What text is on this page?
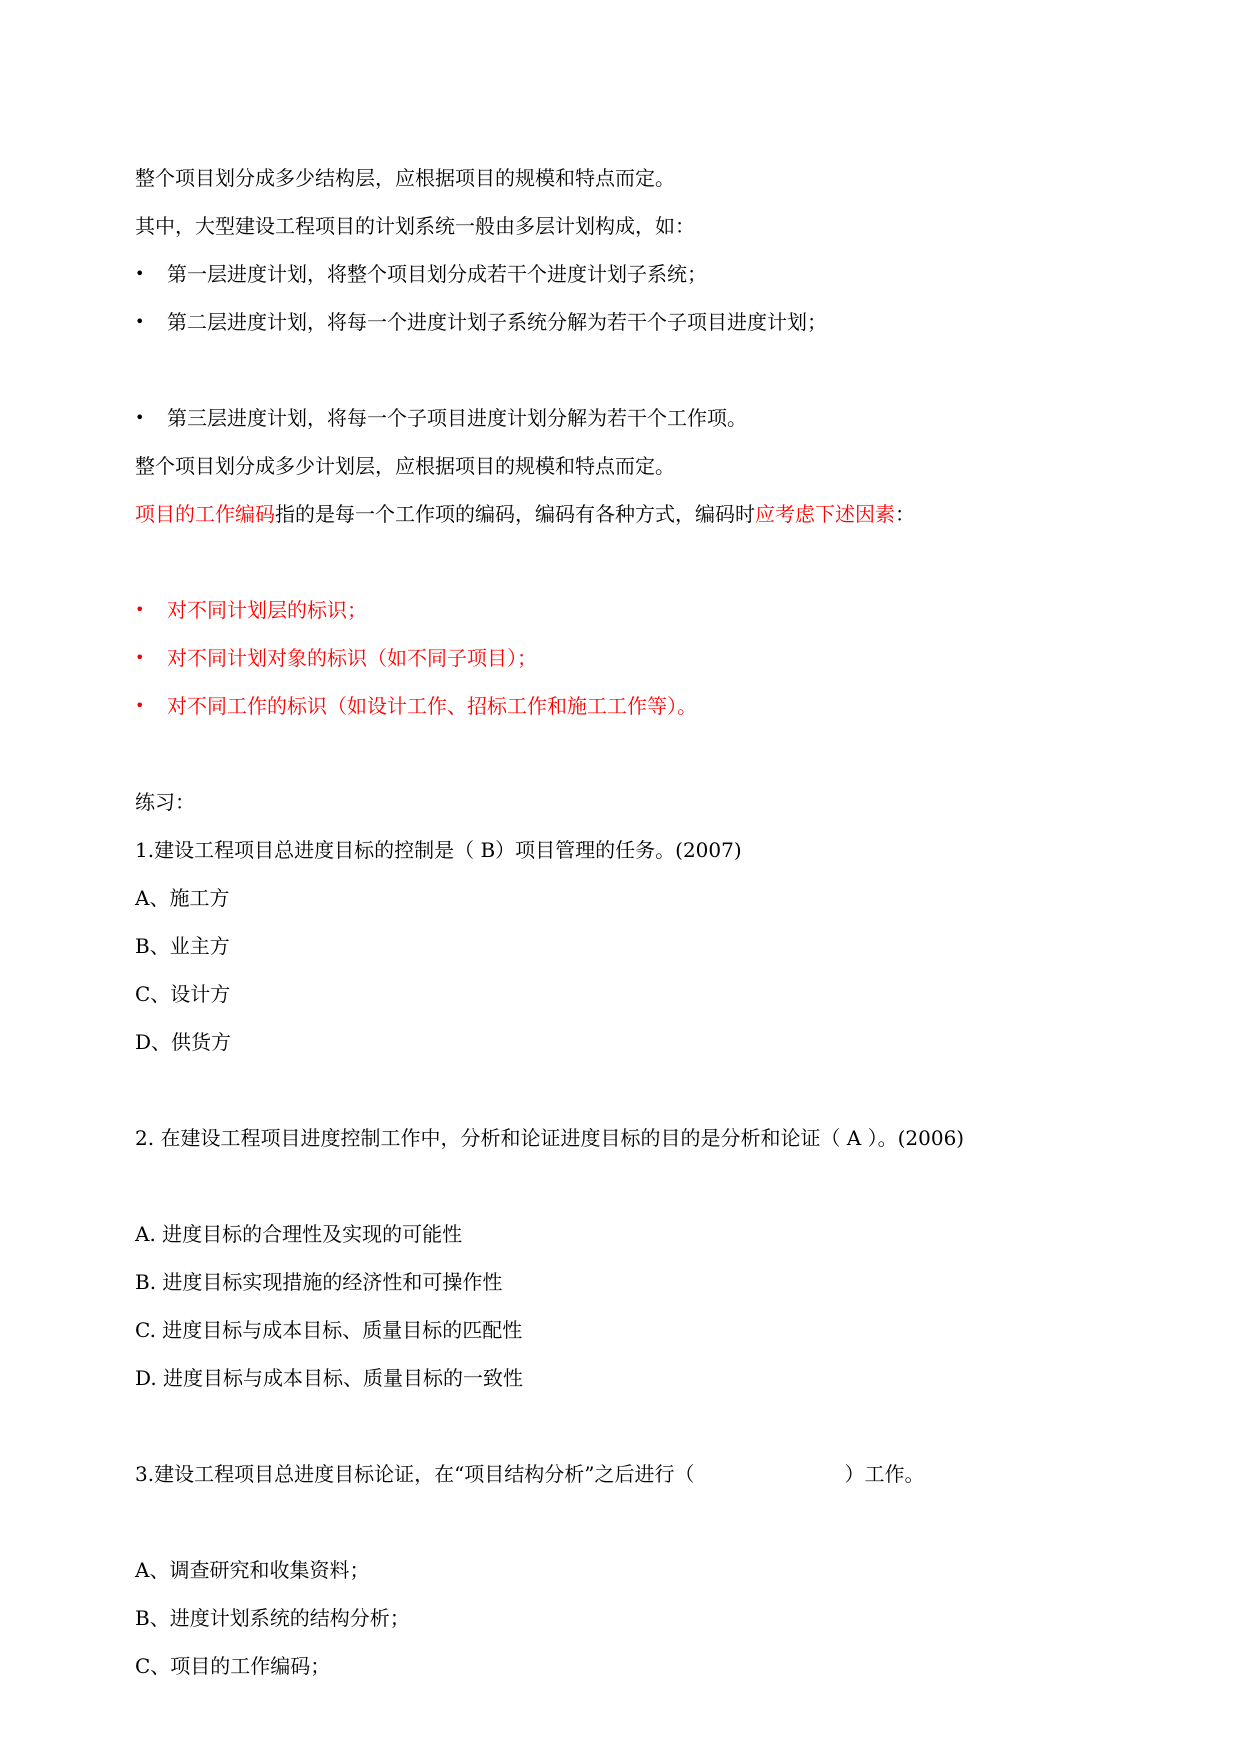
整个项目划分成多少结构层，应根据项目的规模和特点而定。
其中，大型建设工程项目的计划系统一般由多层计划构成，如：
• 第一层进度计划，将整个项目划分成若干个进度计划子系统；
• 第二层进度计划，将每一个进度计划子系统分解为若干个子项目进度计划；
• 第三层进度计划，将每一个子项目进度计划分解为若干个工作项。
整个项目划分成多少计划层，应根据项目的规模和特点而定。
项目的工作编码指的是每一个工作项的编码，编码有各种方式，编码时应考虑下述因素：
• 对不同计划层的标识；
• 对不同计划对象的标识（如不同子项目）；
• 对不同工作的标识（如设计工作、招标工作和施工工作等）。
练习：
1.建设工程项目总进度目标的控制是（ B）项目管理的任务。(2007)
A、施工方
B、业主方
C、设计方
D、供货方
2. 在建设工程项目进度控制工作中，分析和论证进度目标的目的是分析和论证（ A ）。(2006)
A. 进度目标的合理性及实现的可能性
B. 进度目标实现措施的经济性和可操作性
C. 进度目标与成本目标、质量目标的匹配性
D. 进度目标与成本目标、质量目标的一致性
3.建设工程项目总进度目标论证，在“项目结构分析”之后进行（	）工作。
A、调查研究和收集资料；
B、进度计划系统的结构分析；
C、项目的工作编码；
